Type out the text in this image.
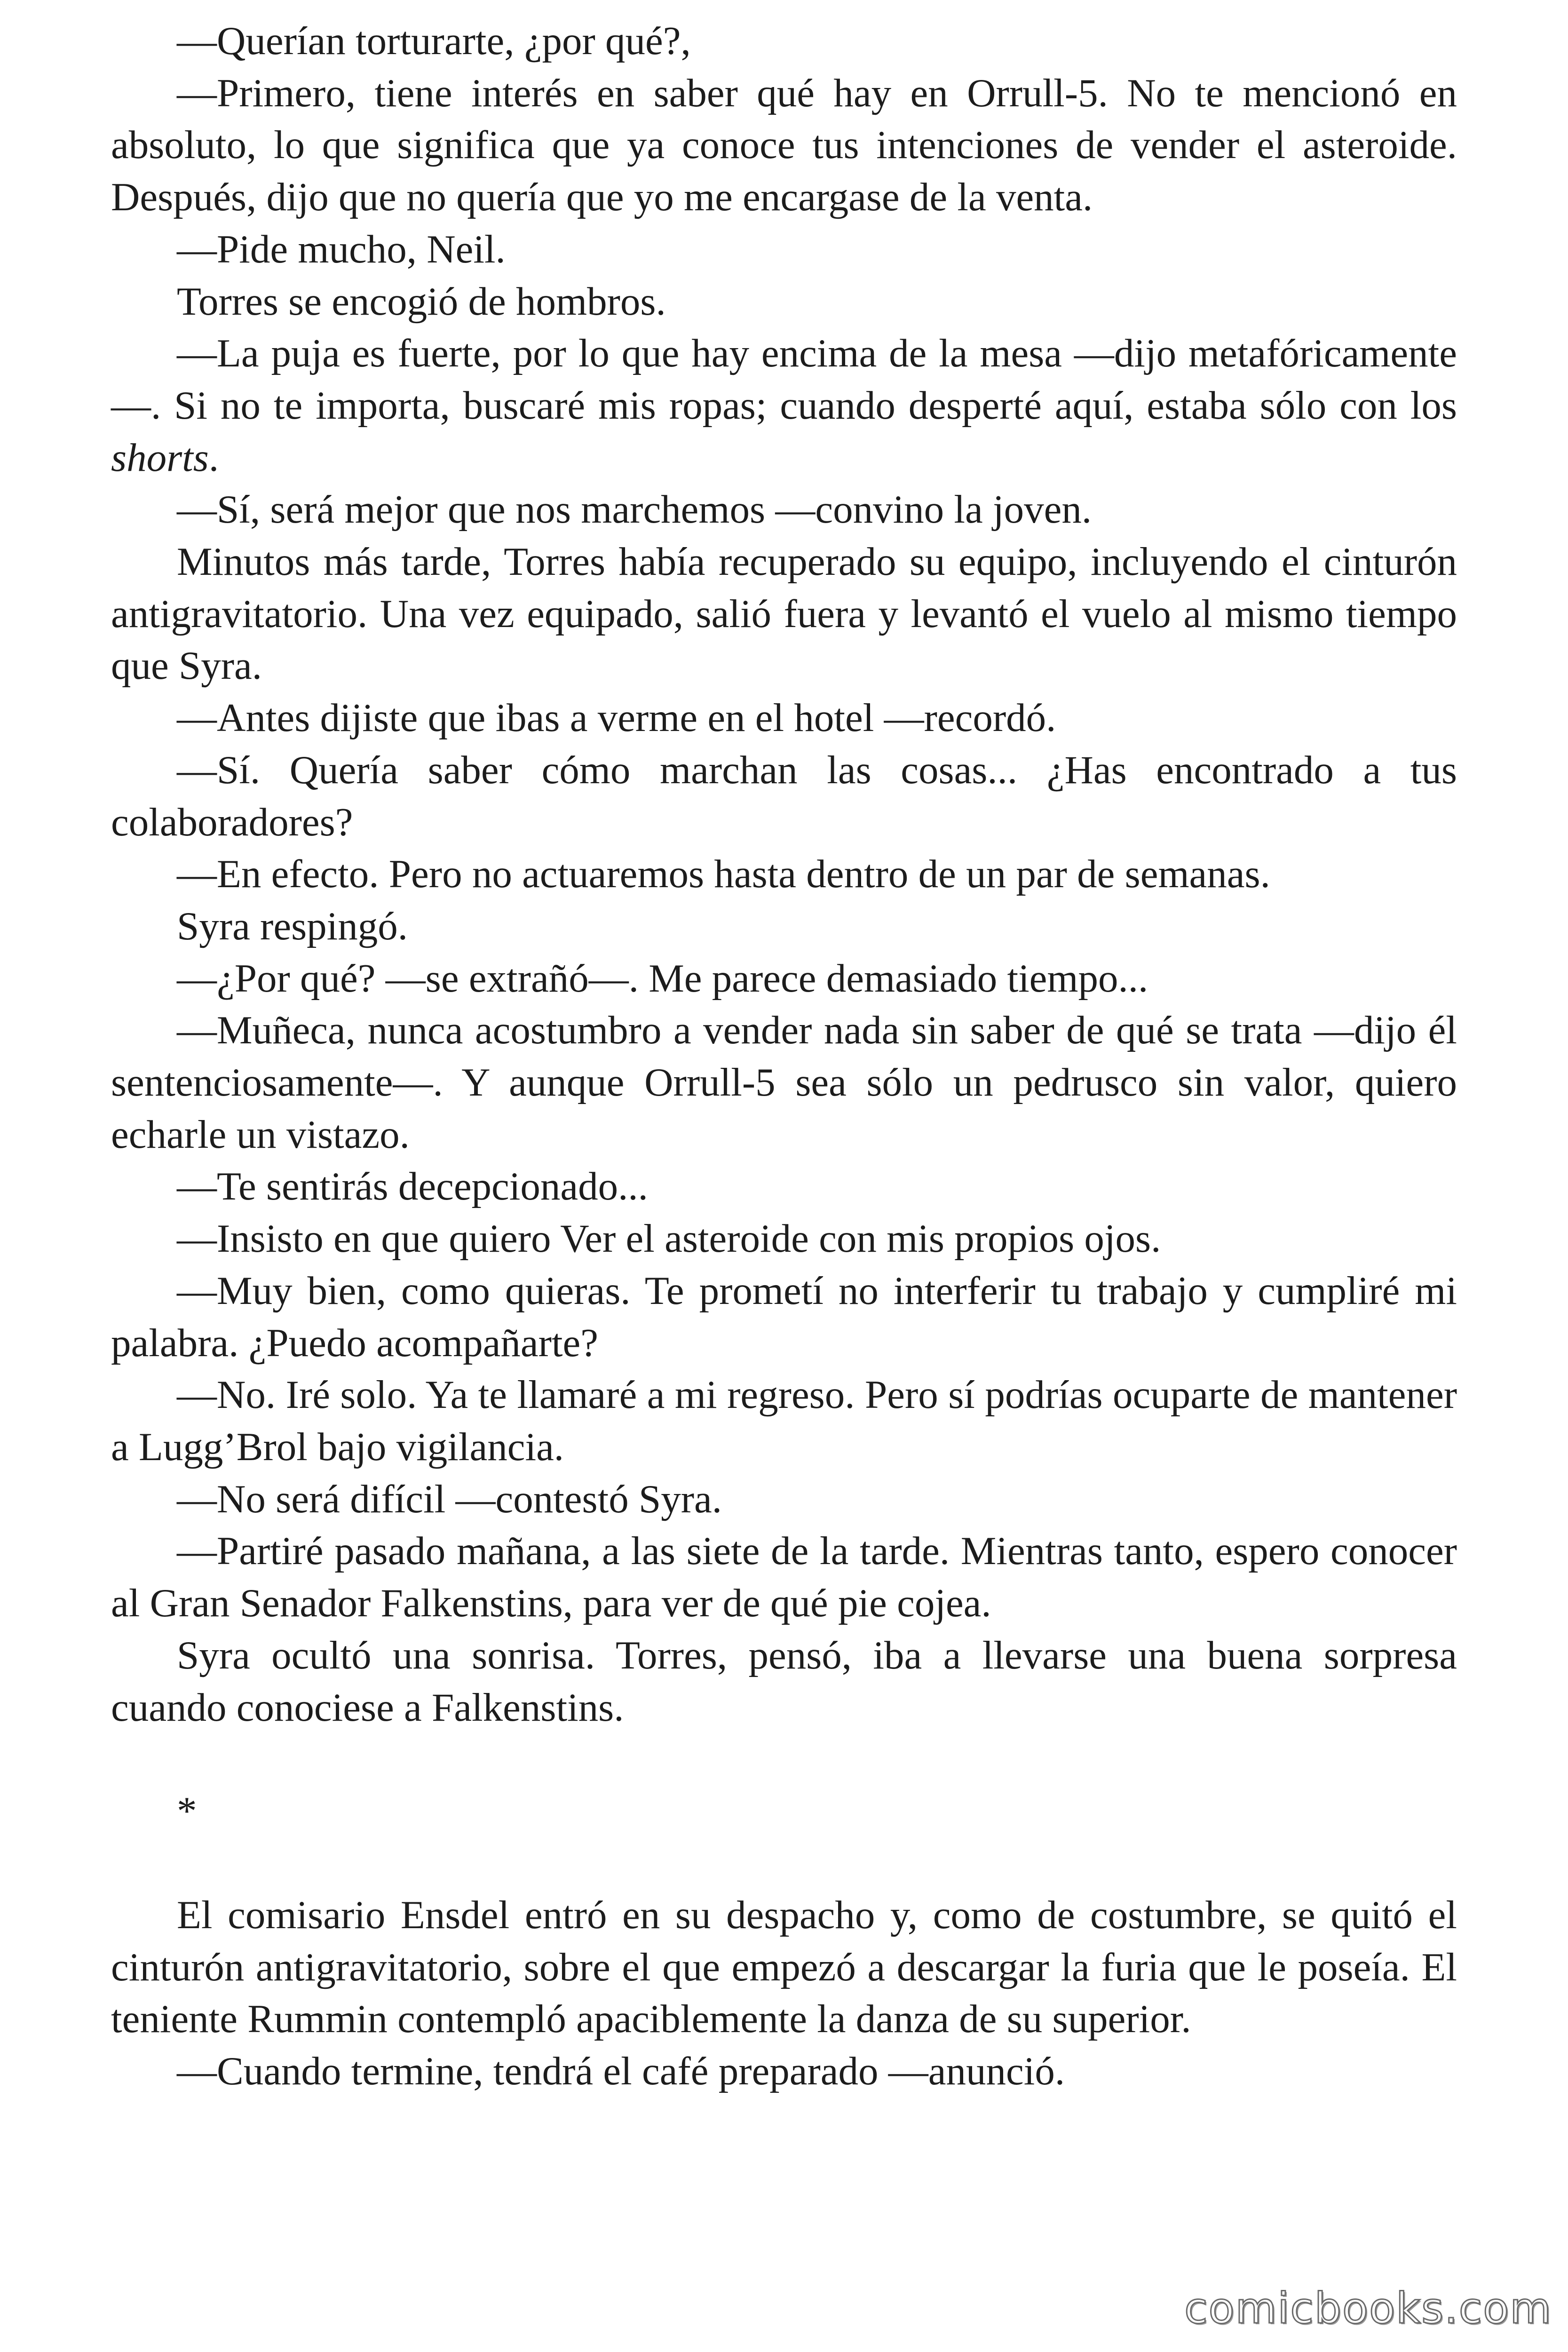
—Querían torturarte, ¿por qué?,

—Primero, tiene interés en saber qué hay en Orrull-5. No te mencionó en absoluto, lo que significa que ya conoce tus intenciones de vender el asteroide. Después, dijo que no quería que yo me encargase de la venta.

—Pide mucho, Neil.

Torres se encogió de hombros.

—La puja es fuerte, por lo que hay encima de la mesa —dijo metafóricamente—. Si no te importa, buscaré mis ropas; cuando desperté aquí, estaba sólo con los shorts.

—Sí, será mejor que nos marchemos —convino la joven.

Minutos más tarde, Torres había recuperado su equipo, incluyendo el cinturón antigravitatorio. Una vez equipado, salió fuera y levantó el vuelo al mismo tiempo que Syra.

—Antes dijiste que ibas a verme en el hotel —recordó.

—Sí. Quería saber cómo marchan las cosas... ¿Has encontrado a tus colaboradores?

—En efecto. Pero no actuaremos hasta dentro de un par de semanas.

Syra respingó.

—¿Por qué? —se extrañó—. Me parece demasiado tiempo...

—Muñeca, nunca acostumbro a vender nada sin saber de qué se trata —dijo él sentenciosamente—. Y aunque Orrull-5 sea sólo un pedrusco sin valor, quiero echarle un vistazo.

—Te sentirás decepcionado...

—Insisto en que quiero Ver el asteroide con mis propios ojos.

—Muy bien, como quieras. Te prometí no interferir tu trabajo y cumpliré mi palabra. ¿Puedo acompañarte?

—No. Iré solo. Ya te llamaré a mi regreso. Pero sí podrías ocuparte de mantener a Lugg’Brol bajo vigilancia.

—No será difícil —contestó Syra.

—Partiré pasado mañana, a las siete de la tarde. Mientras tanto, espero conocer al Gran Senador Falkenstins, para ver de qué pie cojea.

Syra ocultó una sonrisa. Torres, pensó, iba a llevarse una buena sorpresa cuando conociese a Falkenstins.

*

El comisario Ensdel entró en su despacho y, como de costumbre, se quitó el cinturón antigravitatorio, sobre el que empezó a descargar la furia que le poseía. El teniente Rummin contempló apaciblemente la danza de su superior.

—Cuando termine, tendrá el café preparado —anunció.

comicbooks.com
